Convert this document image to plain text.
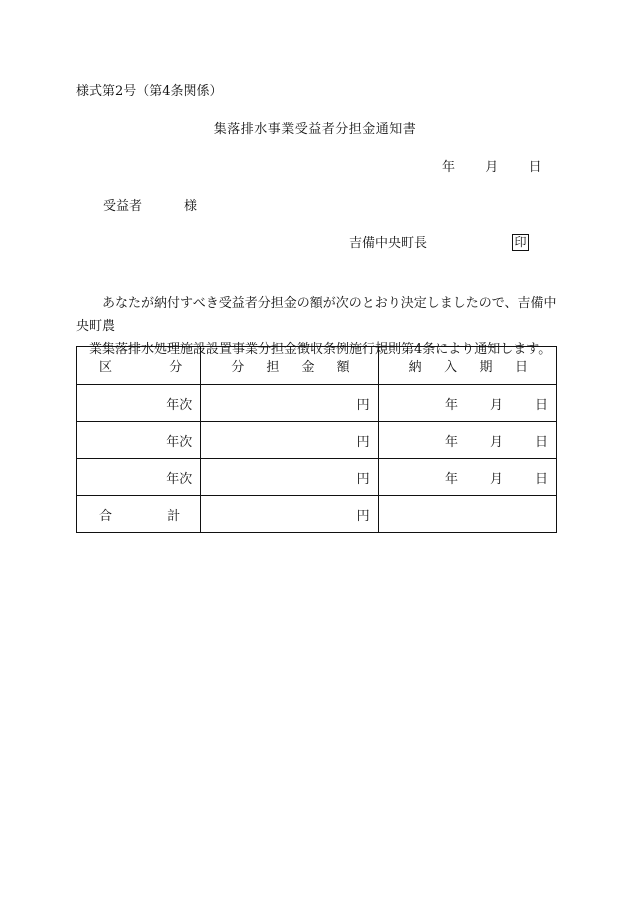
様式第2号（第4条関係）
集落排水事業受益者分担金通知書
年 月 日
受益者	様
吉備中央町長	印
あなたが納付すべき受益者分担金の額が次のとおり決定しましたので、吉備中央町農
業集落排水処理施設設置事業分担金徴収条例施行規則第4条により通知します。
区 分	分 担 金 額	納 入 期 日

年次	円	年 月 日

年次	円	年 月 日

年次	円	年 月 日

合 計	円	
